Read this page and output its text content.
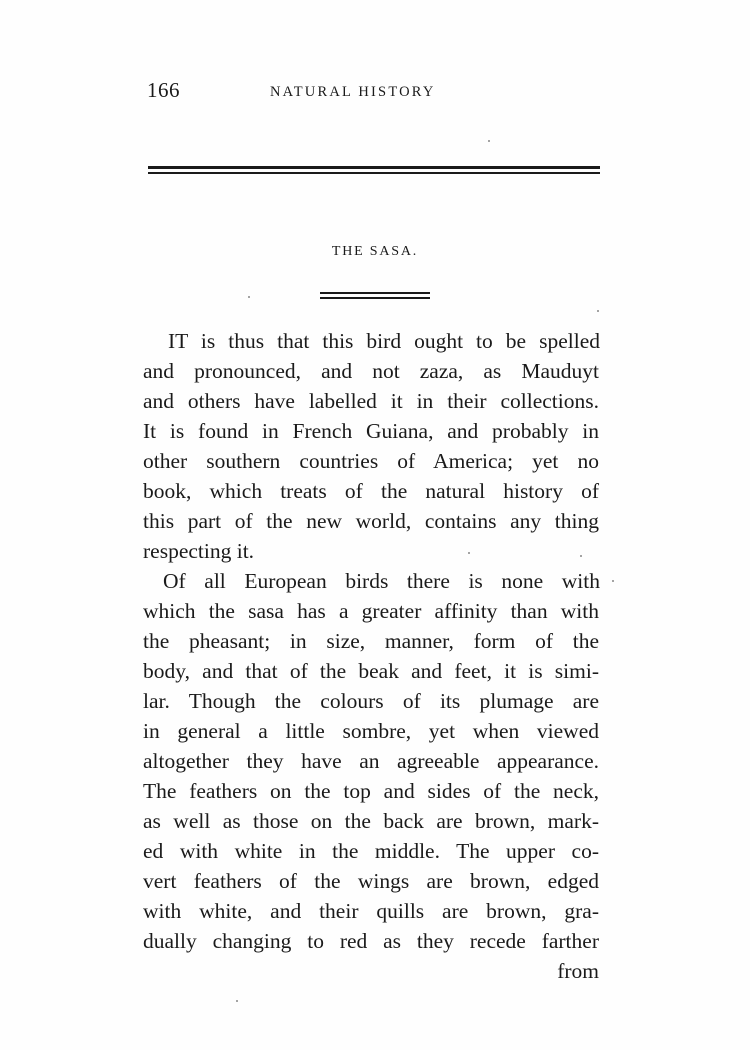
166	NATURAL HISTORY
THE SASA.
IT is thus that this bird ought to be spelled
and pronounced, and not zaza, as Mauduyt
and others have labelled it in their collections.
It is found in French Guiana, and probably in
other southern countries of America; yet no
book, which treats of the natural history of
this part of the new world, contains any thing
respecting it.
Of all European birds there is none with
which the sasa has a greater affinity than with
the pheasant; in size, manner, form of the
body, and that of the beak and feet, it is simi-
lar. Though the colours of its plumage are
in general a little sombre, yet when viewed
altogether they have an agreeable appearance.
The feathers on the top and sides of the neck,
as well as those on the back are brown, mark-
ed with white in the middle. The upper co-
vert feathers of the wings are brown, edged
with white, and their quills are brown, gra-
dually changing to red as they recede farther
from
